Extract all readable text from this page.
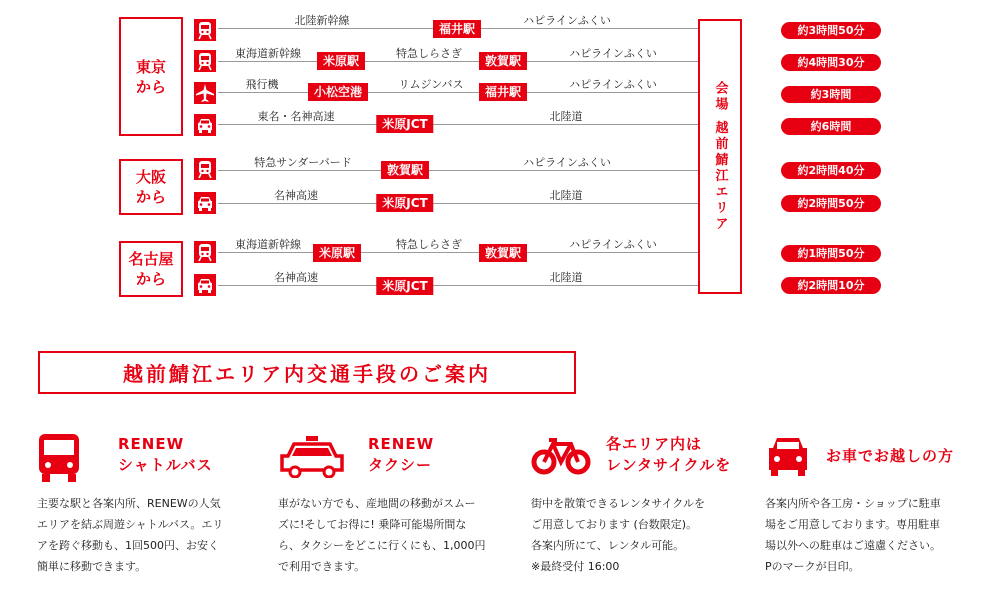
東京
から
大阪
から
名古屋
から
北陸新幹線
福井駅
ハピラインふくい
約3時間50分
東海道新幹線
米原駅
特急しらさぎ
敦賀駅
ハピラインふくい
約4時間30分
飛行機
小松空港
リムジンバス
福井駅
ハピラインふくい
約3時間
東名・名神高速
米原JCT
北陸道
約6時間
特急サンダーバード
敦賀駅
ハピラインふくい
約2時間40分
名神高速
米原JCT
北陸道
約2時間50分
東海道新幹線
米原駅
特急しらさぎ
敦賀駅
ハピラインふくい
約1時間50分
名神高速
米原JCT
北陸道
約2時間10分
会場 越前鯖江エリア
越前鯖江エリア内交通手段のご案内
RENEW
シャトルバス
主要な駅と各案内所、RENEWの人気
エリアを結ぶ周遊シャトルバス。エリ
アを跨ぐ移動も、1回500円、お安く
簡単に移動できます。
RENEW
タクシー
車がない方でも、産地間の移動がスムー
ズに!そしてお得に! 乗降可能場所間な
ら、タクシーをどこに行くにも、1,000円
で利用できます。
各エリア内は
レンタサイクルを
街中を散策できるレンタサイクルを
ご用意しております (台数限定)。
各案内所にて、レンタル可能。
※最終受付 16:00
お車でお越しの方
各案内所や各工房・ショップに駐車
場をご用意しております。専用駐車
場以外への駐車はご遠慮ください。
Pのマークが目印。
